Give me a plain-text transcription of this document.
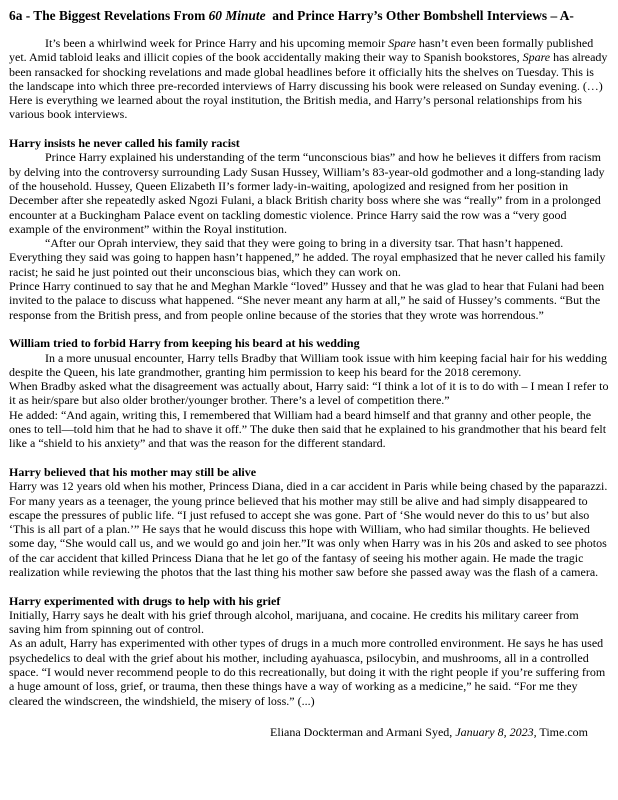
6a - The Biggest Revelations From 60 Minute  and Prince Harry’s Other Bombshell Interviews – A-

It’s been a whirlwind week for Prince Harry and his upcoming memoir Spare hasn’t even been formally published yet. Amid tabloid leaks and illicit copies of the book accidentally making their way to Spanish bookstores, Spare has already been ransacked for shocking revelations and made global headlines before it officially hits the shelves on Tuesday. This is the landscape into which three pre-recorded interviews of Harry discussing his book were released on Sunday evening. (…) Here is everything we learned about the royal institution, the British media, and Harry’s personal relationships from his various book interviews.

Harry insists he never called his family racist

Prince Harry explained his understanding of the term “unconscious bias” and how he believes it differs from racism by delving into the controversy surrounding Lady Susan Hussey, William’s 83-year-old godmother and a long-standing lady of the household. Hussey, Queen Elizabeth II’s former lady-in-waiting, apologized and resigned from her position in December after she repeatedly asked Ngozi Fulani, a black British charity boss where she was “really” from in a prolonged encounter at a Buckingham Palace event on tackling domestic violence. Prince Harry said the row was a “very good example of the environment” within the Royal institution.

“After our Oprah interview, they said that they were going to bring in a diversity tsar. That hasn’t happened. Everything they said was going to happen hasn’t happened,” he added. The royal emphasized that he never called his family racist; he said he just pointed out their unconscious bias, which they can work on.

Prince Harry continued to say that he and Meghan Markle “loved” Hussey and that he was glad to hear that Fulani had been invited to the palace to discuss what happened. “She never meant any harm at all,” he said of Hussey’s comments. “But the response from the British press, and from people online because of the stories that they wrote was horrendous.”

William tried to forbid Harry from keeping his beard at his wedding

In a more unusual encounter, Harry tells Bradby that William took issue with him keeping facial hair for his wedding despite the Queen, his late grandmother, granting him permission to keep his beard for the 2018 ceremony.

When Bradby asked what the disagreement was actually about, Harry said: “I think a lot of it is to do with – I mean I refer to it as heir/spare but also older brother/younger brother. There’s a level of competition there.”

He added: “And again, writing this, I remembered that William had a beard himself and that granny and other people, the ones to tell—told him that he had to shave it off.” The duke then said that he explained to his grandmother that his beard felt like a “shield to his anxiety” and that was the reason for the different standard.

Harry believed that his mother may still be alive

Harry was 12 years old when his mother, Princess Diana, died in a car accident in Paris while being chased by the paparazzi. For many years as a teenager, the young prince believed that his mother may still be alive and had simply disappeared to escape the pressures of public life. “I just refused to accept she was gone. Part of ‘She would never do this to us’ but also ‘This is all part of a plan.’” He says that he would discuss this hope with William, who had similar thoughts. He believed some day, “She would call us, and we would go and join her.”It was only when Harry was in his 20s and asked to see photos of the car accident that killed Princess Diana that he let go of the fantasy of seeing his mother again. He made the tragic realization while reviewing the photos that the last thing his mother saw before she passed away was the flash of a camera.

Harry experimented with drugs to help with his grief

Initially, Harry says he dealt with his grief through alcohol, marijuana, and cocaine. He credits his military career from saving him from spinning out of control.

As an adult, Harry has experimented with other types of drugs in a much more controlled environment. He says he has used psychedelics to deal with the grief about his mother, including ayahuasca, psilocybin, and mushrooms, all in a controlled space. “I would never recommend people to do this recreationally, but doing it with the right people if you’re suffering from a huge amount of loss, grief, or trauma, then these things have a way of working as a medicine,” he said. “For me they cleared the windscreen, the windshield, the misery of loss.” (...)

Eliana Dockterman and Armani Syed, January 8, 2023, Time.com
